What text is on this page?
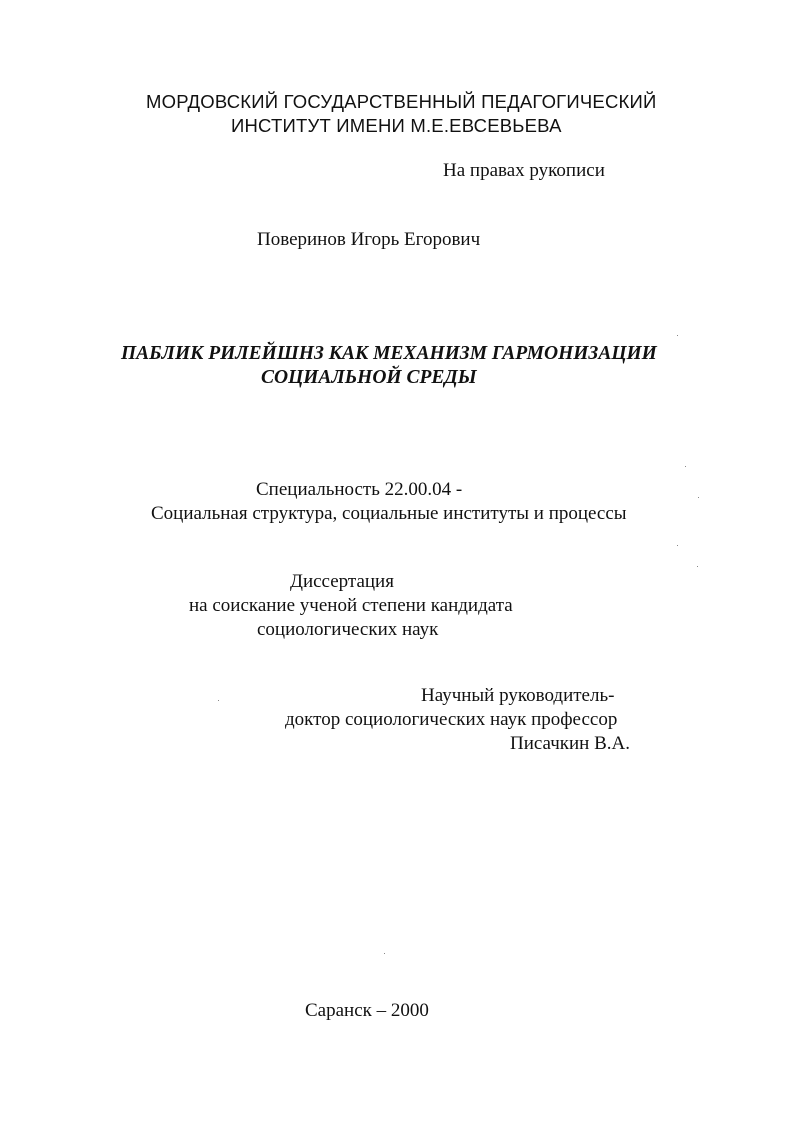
МОРДОВСКИЙ ГОСУДАРСТВЕННЫЙ ПЕДАГОГИЧЕСКИЙ
ИНСТИТУТ ИМЕНИ М.Е.ЕВСЕВЬЕВА
На правах рукописи
Поверинов Игорь Егорович
ПАБЛИК РИЛЕЙШНЗ КАК МЕХАНИЗМ ГАРМОНИЗАЦИИ
СОЦИАЛЬНОЙ СРЕДЫ
Специальность 22.00.04 -
Социальная структура, социальные институты и процессы
Диссертация
на соискание ученой степени кандидата
социологических наук
Научный руководитель-
доктор социологических наук профессор
Писачкин В.А.
Саранск – 2000
